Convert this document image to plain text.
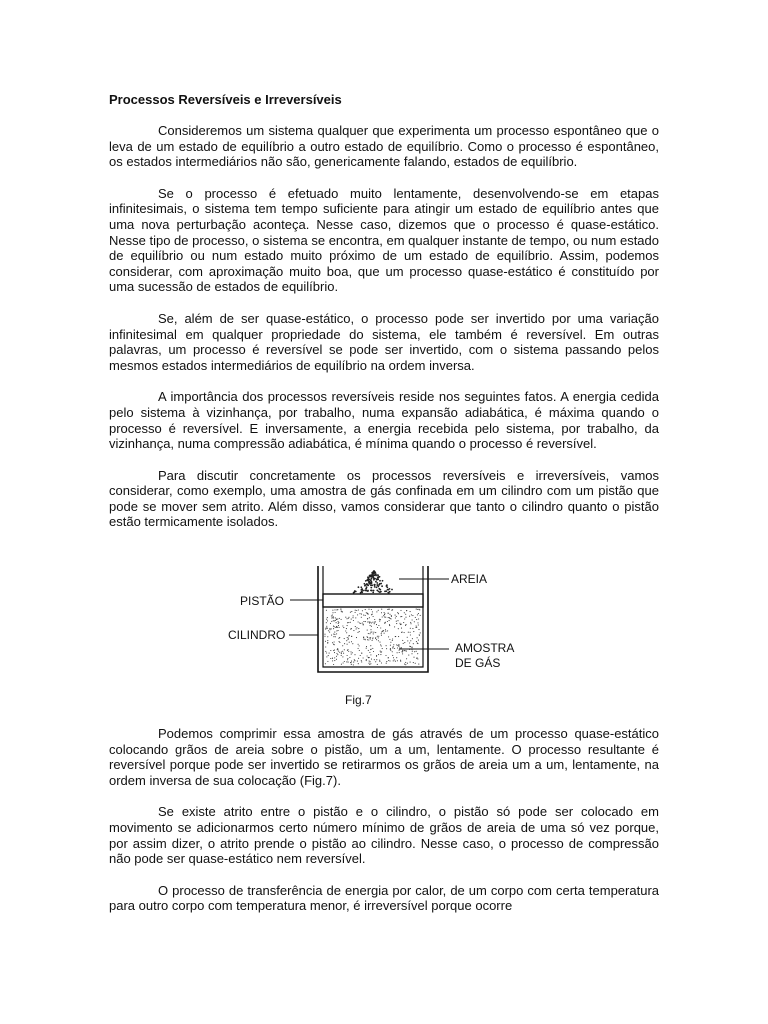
Processos Reversíveis e Irreversíveis

Consideremos um sistema qualquer que experimenta um processo espontâneo que o leva de um estado de equilíbrio a outro estado de equilíbrio. Como o processo é espontâneo, os estados intermediários não são, genericamente falando, estados de equilíbrio.

Se o processo é efetuado muito lentamente, desenvolvendo-se em etapas infinitesimais, o sistema tem tempo suficiente para atingir um estado de equilíbrio antes que uma nova perturbação aconteça. Nesse caso, dizemos que o processo é quase-estático. Nesse tipo de processo, o sistema se encontra, em qualquer instante de tempo, ou num estado de equilíbrio ou num estado muito próximo de um estado de equilíbrio. Assim, podemos considerar, com aproximação muito boa, que um processo quase-estático é constituído por uma sucessão de estados de equilíbrio.

Se, além de ser quase-estático, o processo pode ser invertido por uma variação infinitesimal em qualquer propriedade do sistema, ele também é reversível. Em outras palavras, um processo é reversível se pode ser invertido, com o sistema passando pelos mesmos estados intermediários de equilíbrio na ordem inversa.

A importância dos processos reversíveis reside nos seguintes fatos. A energia cedida pelo sistema à vizinhança, por trabalho, numa expansão adiabática, é máxima quando o processo é reversível. E inversamente, a energia recebida pelo sistema, por trabalho, da vizinhança, numa compressão adiabática, é mínima quando o processo é reversível.

Para discutir concretamente os processos reversíveis e irreversíveis, vamos considerar, como exemplo, uma amostra de gás confinada em um cilindro com um pistão que pode se mover sem atrito. Além disso, vamos considerar que tanto o cilindro quanto o pistão estão termicamente isolados.

AREIA
PISTÃO
CILINDRO
AMOSTRA
DE GÁS
Fig.7

Podemos comprimir essa amostra de gás através de um processo quase-estático colocando grãos de areia sobre o pistão, um a um, lentamente. O processo resultante é reversível porque pode ser invertido se retirarmos os grãos de areia um a um, lentamente, na ordem inversa de sua colocação (Fig.7).

Se existe atrito entre o pistão e o cilindro, o pistão só pode ser colocado em movimento se adicionarmos certo número mínimo de grãos de areia de uma só vez porque, por assim dizer, o atrito prende o pistão ao cilindro. Nesse caso, o processo de compressão não pode ser quase-estático nem reversível.

O processo de transferência de energia por calor, de um corpo com certa temperatura para outro corpo com temperatura menor, é irreversível porque ocorre
